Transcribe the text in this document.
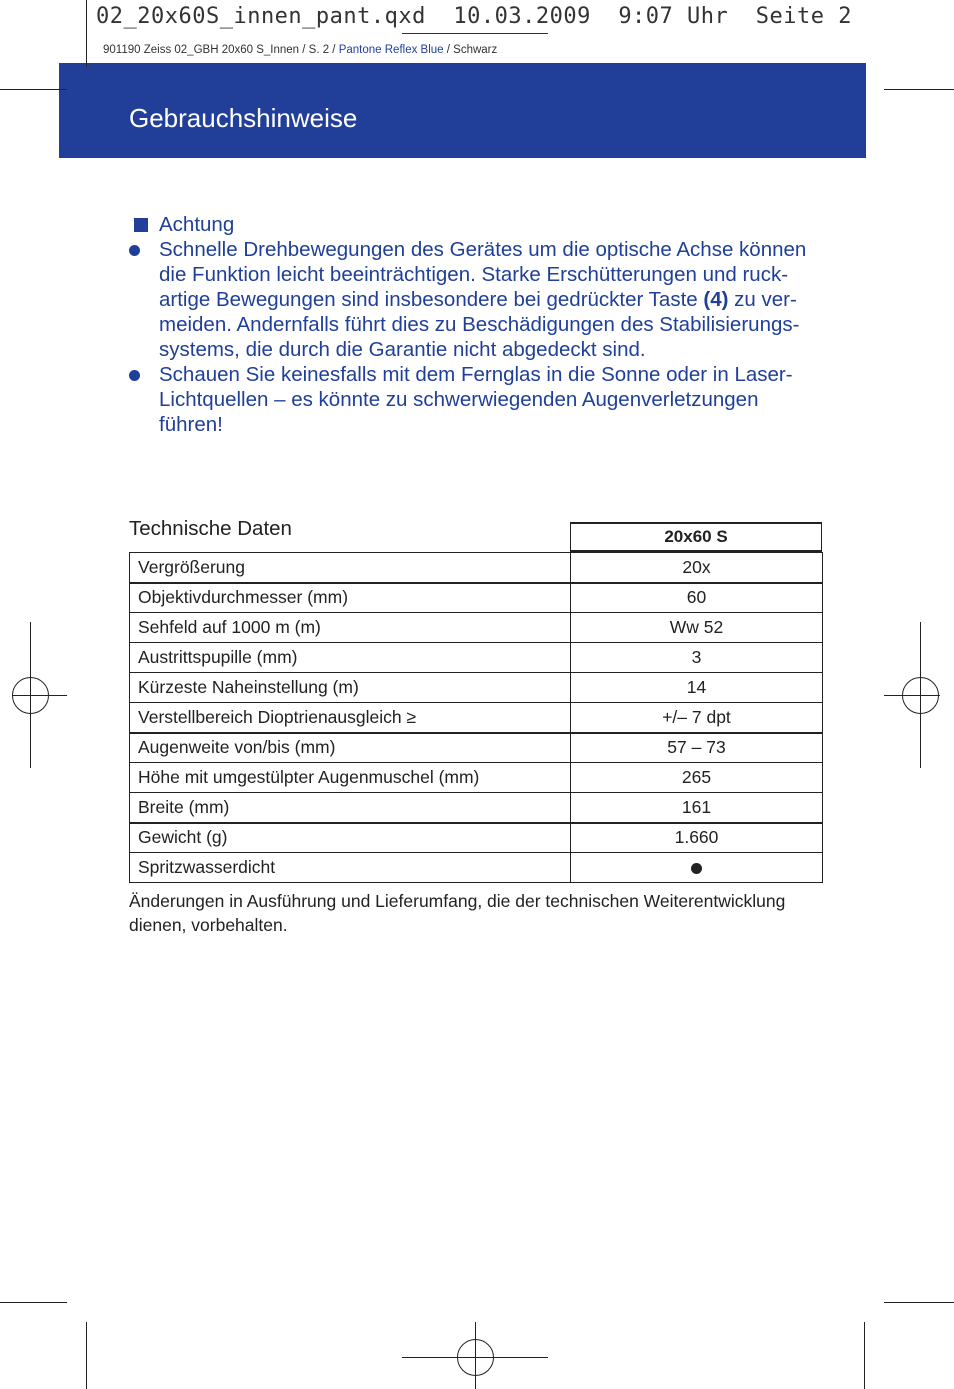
02_20x60S_innen_pant.qxd  10.03.2009  9:07 Uhr  Seite 2
901190 Zeiss 02_GBH 20x60 S_Innen / S. 2 / Pantone Reflex Blue / Schwarz
Gebrauchshinweise
Achtung
Schnelle Drehbewegungen des Gerätes um die optische Achse können die Funktion leicht beeinträchtigen. Starke Erschütterungen und ruck- artige Bewegungen sind insbesondere bei gedrückter Taste (4) zu ver- meiden. Andernfalls führt dies zu Beschädigungen des Stabilisierungs- systems, die durch die Garantie nicht abgedeckt sind.
Schauen Sie keinesfalls mit dem Fernglas in die Sonne oder in Laser- Lichtquellen – es könnte zu schwerwiegenden Augenverletzungen führen!
Technische Daten	20x60 S
Vergrößerung	20x
Objektivdurchmesser (mm)	60
Sehfeld auf 1000 m (m)	Ww 52
Austrittspupille (mm)	3
Kürzeste Naheinstellung (m)	14
Verstellbereich Dioptrienausgleich ≥	+/– 7 dpt
Augenweite von/bis (mm)	57 – 73
Höhe mit umgestülpter Augenmuschel (mm)	265
Breite (mm)	161
Gewicht (g)	1.660
Spritzwasserdicht	
Änderungen in Ausführung und Lieferumfang, die der technischen Weiterentwicklung dienen, vorbehalten.
